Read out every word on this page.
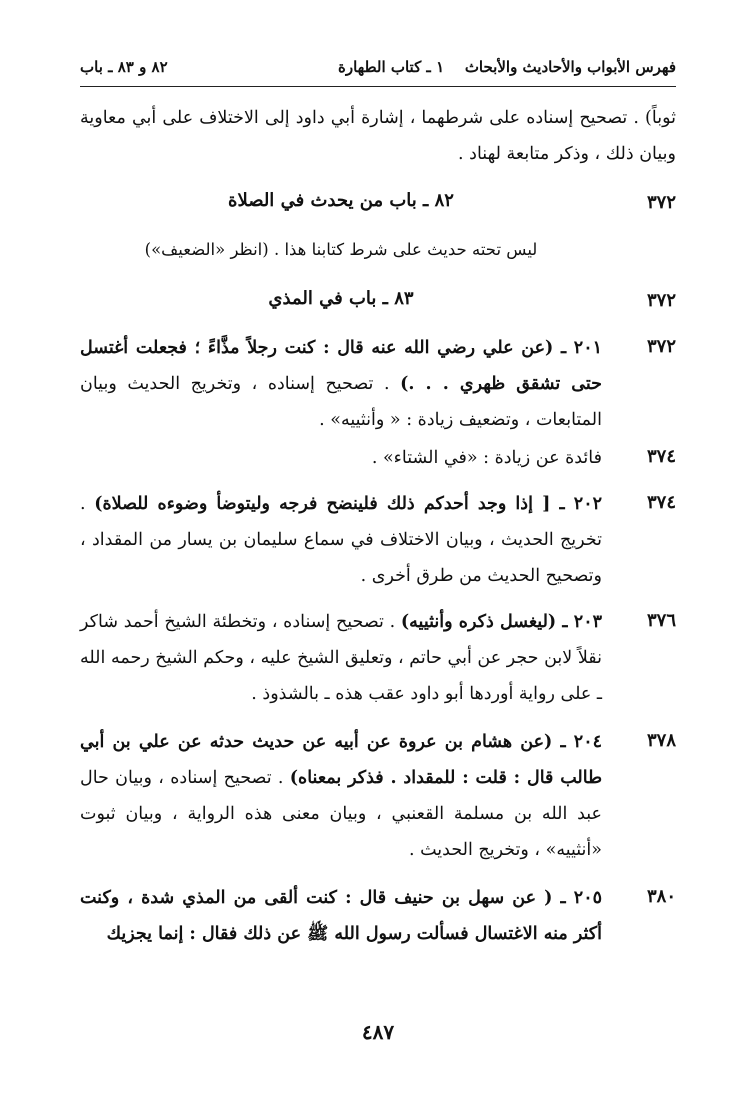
فهرس الأبواب والأحاديث والأبحاث
١ ـ كتاب الطهارة
٨٢ و ٨٣ ـ باب
ثوباً) . تصحيح إسناده على شرطهما ، إشارة أبي داود إلى الاختلاف على أبي معاوية وبيان ذلك ، وذكر متابعة لهناد .
٣٧٢
٨٢ ـ باب من يحدث في الصلاة
ليس تحته حديث على شرط كتابنا هذا . (انظر «الضعيف»)
٣٧٢
٨٣ ـ باب في المذي
٣٧٢
٢٠١ ـ (عن علي رضي الله عنه قال : كنت رجلاً مذَّاءً ؛ فجعلت أغتسل حتى تشقق ظهري . . .) . تصحيح إسناده ، وتخريج الحديث وبيان المتابعات ، وتضعيف زيادة : « وأنثييه» .
٣٧٤
فائدة عن زيادة : «في الشتاء» .
٣٧٤
٢٠٢ ـ [ إذا وجد أحدكم ذلك فلينضح فرجه وليتوضأ وضوءه للصلاة) . تخريج الحديث ، وبيان الاختلاف في سماع سليمان بن يسار من المقداد ، وتصحيح الحديث من طرق أخرى .
٣٧٦
٢٠٣ ـ (ليغسل ذكره وأنثييه) . تصحيح إسناده ، وتخطئة الشيخ أحمد شاكر نقلاً لابن حجر عن أبي حاتم ، وتعليق الشيخ عليه ، وحكم الشيخ رحمه الله ـ على رواية أوردها أبو داود عقب هذه ـ بالشذوذ .
٣٧٨
٢٠٤ ـ (عن هشام بن عروة عن أبيه عن حديث حدثه عن علي بن أبي طالب قال : قلت : للمقداد . فذكر بمعناه) . تصحيح إسناده ، وبيان حال عبد الله بن مسلمة القعنبي ، وبيان معنى هذه الرواية ، وبيان ثبوت «أنثييه» ، وتخريج الحديث .
٣٨٠
٢٠٥ ـ ( عن سهل بن حنيف قال : كنت ألقى من المذي شدة ، وكنت أكثر منه الاغتسال فسألت رسول الله ﷺ عن ذلك فقال : إنما يجزيك
٤٨٧
